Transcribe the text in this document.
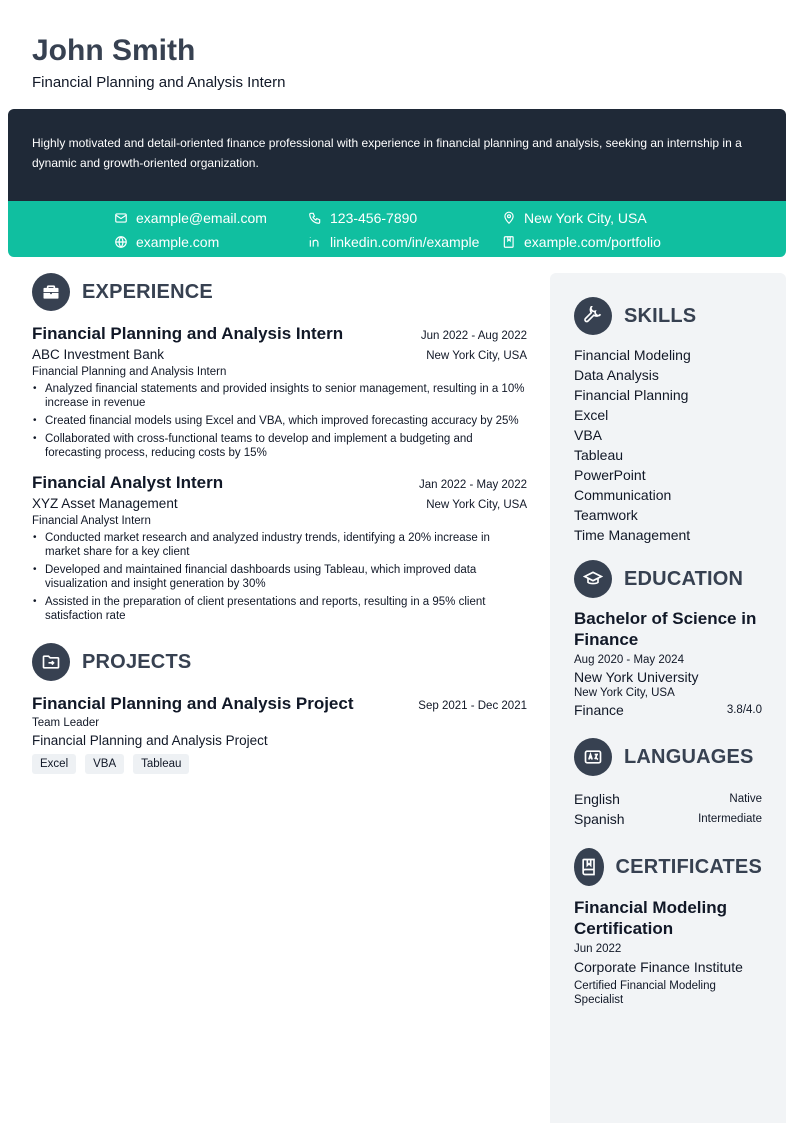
John Smith
Financial Planning and Analysis Intern

Highly motivated and detail-oriented finance professional with experience in financial planning and analysis, seeking an internship in a dynamic and growth-oriented organization.

example@email.com	123-456-7890	New York City, USA
example.com	linkedin.com/in/example	example.com/portfolio
EXPERIENCE
Financial Planning and Analysis Intern	Jun 2022 - Aug 2022
ABC Investment Bank	New York City, USA
Financial Planning and Analysis Intern
• Analyzed financial statements and provided insights to senior management, resulting in a 10% increase in revenue
• Created financial models using Excel and VBA, which improved forecasting accuracy by 25%
• Collaborated with cross-functional teams to develop and implement a budgeting and forecasting process, reducing costs by 15%
Financial Analyst Intern	Jan 2022 - May 2022
XYZ Asset Management	New York City, USA
Financial Analyst Intern
• Conducted market research and analyzed industry trends, identifying a 20% increase in market share for a key client
• Developed and maintained financial dashboards using Tableau, which improved data visualization and insight generation by 30%
• Assisted in the preparation of client presentations and reports, resulting in a 95% client satisfaction rate
PROJECTS
Financial Planning and Analysis Project	Sep 2021 - Dec 2021
Team Leader
Financial Planning and Analysis Project
Excel	VBA	Tableau
SKILLS
Financial Modeling
Data Analysis
Financial Planning
Excel
VBA
Tableau
PowerPoint
Communication
Teamwork
Time Management
EDUCATION
Bachelor of Science in Finance
Aug 2020 - May 2024
New York University
New York City, USA
Finance	3.8/4.0
LANGUAGES
English	Native
Spanish	Intermediate
CERTIFICATES
Financial Modeling Certification
Jun 2022
Corporate Finance Institute
Certified Financial Modeling Specialist
